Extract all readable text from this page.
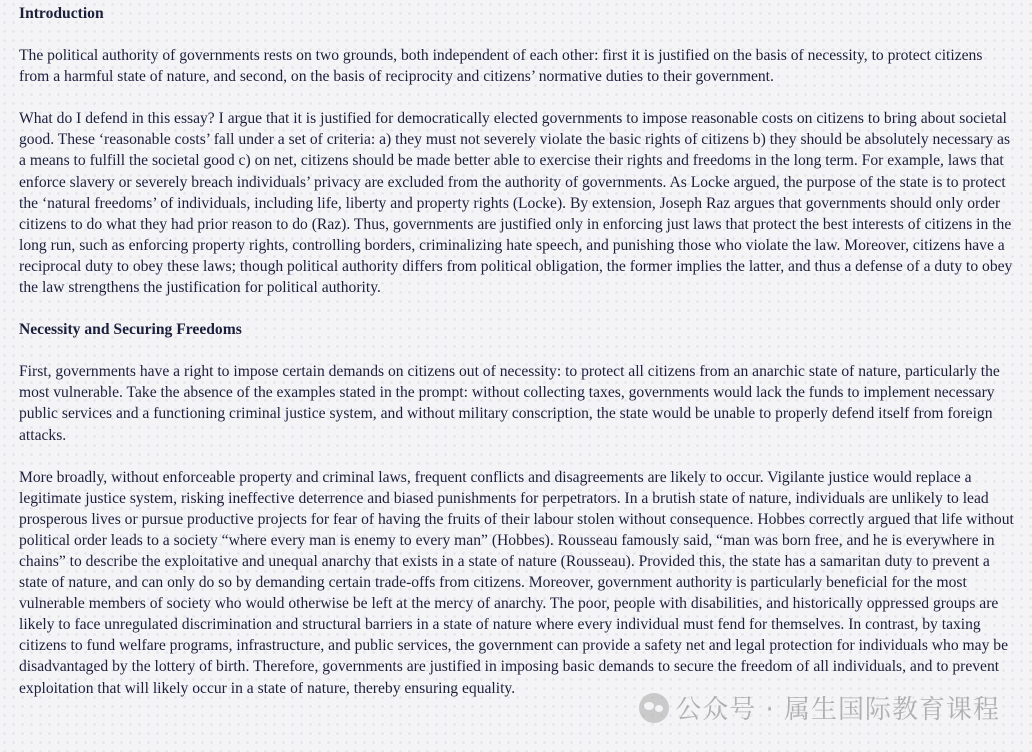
Introduction

The political authority of governments rests on two grounds, both independent of each other: first it is justified on the basis of necessity, to protect citizens from a harmful state of nature, and second, on the basis of reciprocity and citizens’ normative duties to their government.

What do I defend in this essay? I argue that it is justified for democratically elected governments to impose reasonable costs on citizens to bring about societal good. These ‘reasonable costs’ fall under a set of criteria: a) they must not severely violate the basic rights of citizens b) they should be absolutely necessary as a means to fulfill the societal good c) on net, citizens should be made better able to exercise their rights and freedoms in the long term. For example, laws that enforce slavery or severely breach individuals’ privacy are excluded from the authority of governments. As Locke argued, the purpose of the state is to protect the ‘natural freedoms’ of individuals, including life, liberty and property rights (Locke). By extension, Joseph Raz argues that governments should only order citizens to do what they had prior reason to do (Raz). Thus, governments are justified only in enforcing just laws that protect the best interests of citizens in the long run, such as enforcing property rights, controlling borders, criminalizing hate speech, and punishing those who violate the law. Moreover, citizens have a reciprocal duty to obey these laws; though political authority differs from political obligation, the former implies the latter, and thus a defense of a duty to obey the law strengthens the justification for political authority.

Necessity and Securing Freedoms

First, governments have a right to impose certain demands on citizens out of necessity: to protect all citizens from an anarchic state of nature, particularly the most vulnerable. Take the absence of the examples stated in the prompt: without collecting taxes, governments would lack the funds to implement necessary public services and a functioning criminal justice system, and without military conscription, the state would be unable to properly defend itself from foreign attacks.

More broadly, without enforceable property and criminal laws, frequent conflicts and disagreements are likely to occur. Vigilante justice would replace a legitimate justice system, risking ineffective deterrence and biased punishments for perpetrators. In a brutish state of nature, individuals are unlikely to lead prosperous lives or pursue productive projects for fear of having the fruits of their labour stolen without consequence. Hobbes correctly argued that life without political order leads to a society “where every man is enemy to every man” (Hobbes). Rousseau famously said, “man was born free, and he is everywhere in chains” to describe the exploitative and unequal anarchy that exists in a state of nature (Rousseau). Provided this, the state has a samaritan duty to prevent a state of nature, and can only do so by demanding certain trade-offs from citizens. Moreover, government authority is particularly beneficial for the most vulnerable members of society who would otherwise be left at the mercy of anarchy. The poor, people with disabilities, and historically oppressed groups are likely to face unregulated discrimination and structural barriers in a state of nature where every individual must fend for themselves. In contrast, by taxing citizens to fund welfare programs, infrastructure, and public services, the government can provide a safety net and legal protection for individuals who may be disadvantaged by the lottery of birth. Therefore, governments are justified in imposing basic demands to secure the freedom of all individuals, and to prevent exploitation that will likely occur in a state of nature, thereby ensuring equality.

公众号 · 属生国际教育课程
